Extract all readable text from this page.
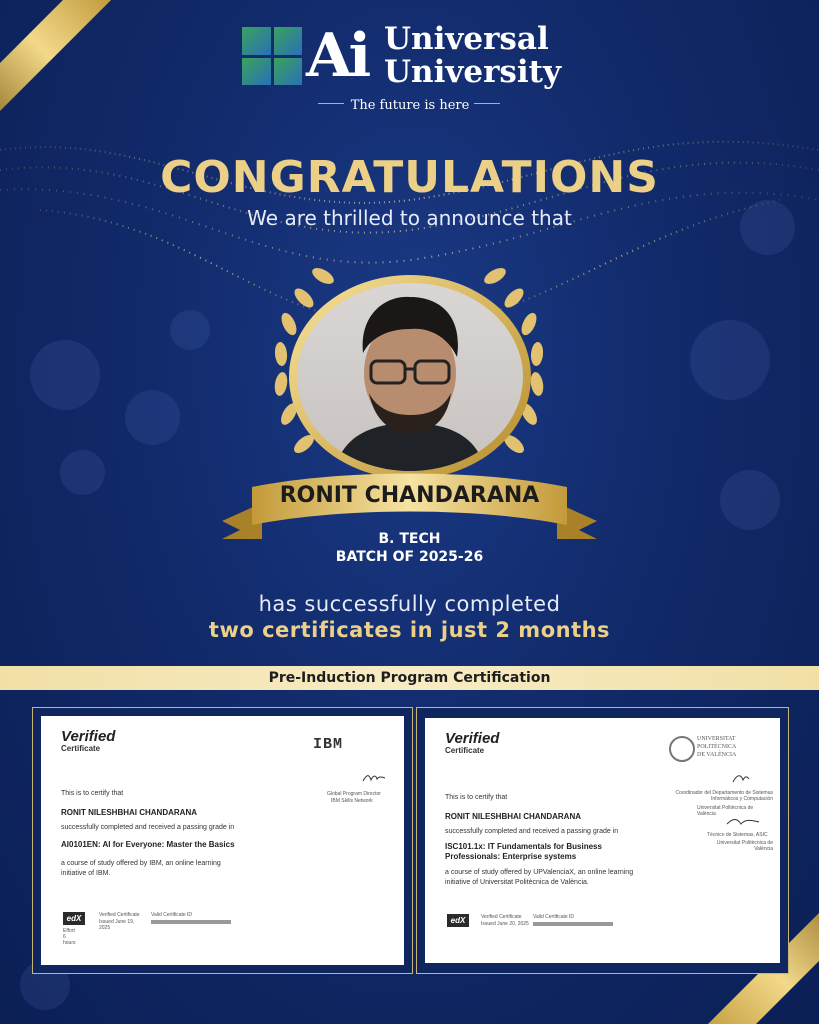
Ai Universal
University
The future is here
CONGRATULATIONS
We are thrilled to announce that
RONIT CHANDARANA
B. TECH
BATCH OF 2025-26
has successfully completed
two certificates in just 2 months
Pre-Induction Program Certification
Verified
Certificate	IBM
Global Program Director
IBM Skills Network
This is to certify that
RONIT NILESHBHAI CHANDARANA
successfully completed and received a passing grade in
AI0101EN: AI for Everyone: Master the Basics
a course of study offered by IBM, an online learning initiative of IBM.
edX
Effort 6 hours
Verified Certificate
Issued June 19, 2025
Valid Certificate ID
Verified
Certificate
UNIVERSITAT
POLITÈCNICA
DE VALÈNCIA
Coordinador del Departamento de Sistemas Informáticos y Computación
Universitat Politècnica de València
Técnico de Sistemas, ASIC
Universitat Politècnica de València
This is to certify that
RONIT NILESHBHAI CHANDARANA
successfully completed and received a passing grade in
ISC101.1x: IT Fundamentals for Business Professionals: Enterprise systems
a course of study offered by UPValenciaX, an online learning initiative of Universitat Politècnica de València.
edX	Verified Certificate
Issued June 20, 2025
Valid Certificate ID
